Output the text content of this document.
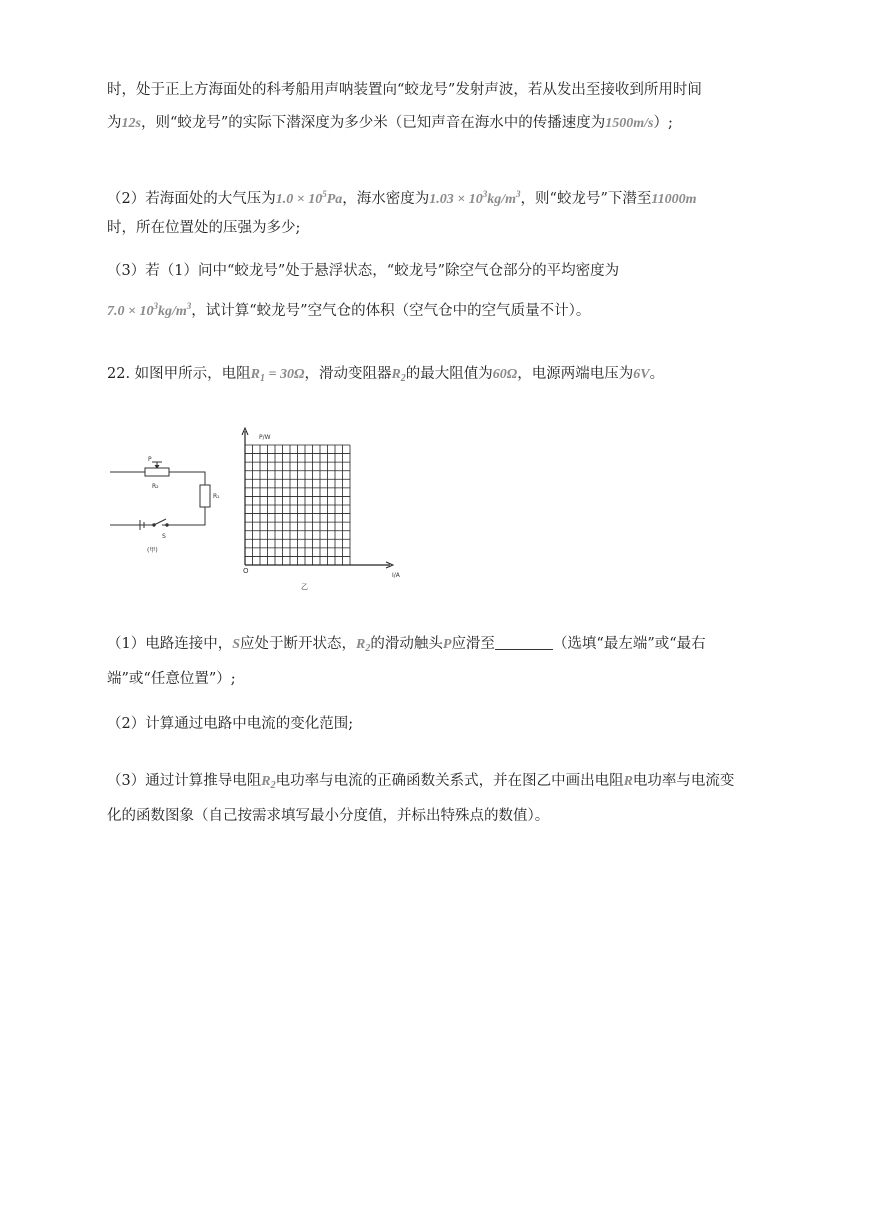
时，处于正上方海面处的科考船用声呐装置向“蛟龙号”发射声波，若从发出至接收到所用时间
为12s，则“蛟龙号”的实际下潜深度为多少米（已知声音在海水中的传播速度为1500m/s）;
（2）若海面处的大气压为$1.0 \times 10^5Pa$，海水密度为$1.03 \times 10^3kg/m^3$，则“蛟龙号”下潜至11000m
时，所在位置处的压强为多少;
（3）若（1）问中“蛟龙号”处于悬浮状态，“蛟龙号”除空气仓部分的平均密度为
$7.0 \times 10^3kg/m^3$，试计算“蛟龙号”空气仓的体积（空气仓中的空气质量不计）。
22. 如图甲所示，电阻$R_1 = 30\Omega$，滑动变阻器$R_2$的最大阻值为60Ω，电源两端电压为6V。
P
R₂
R₁
S
(甲)
P/W
I/A
O
乙
（1）电路连接中，S应处于断开状态，$R_2$的滑动触头P应滑至	（选填“最左端”或“最右
端”或“任意位置”）;
（2）计算通过电路中电流的变化范围;
（3）通过计算推导电阻$R_2$电功率与电流的正确函数关系式，并在图乙中画出电阻R电功率与电流变
化的函数图象（自己按需求填写最小分度值，并标出特殊点的数值）。
